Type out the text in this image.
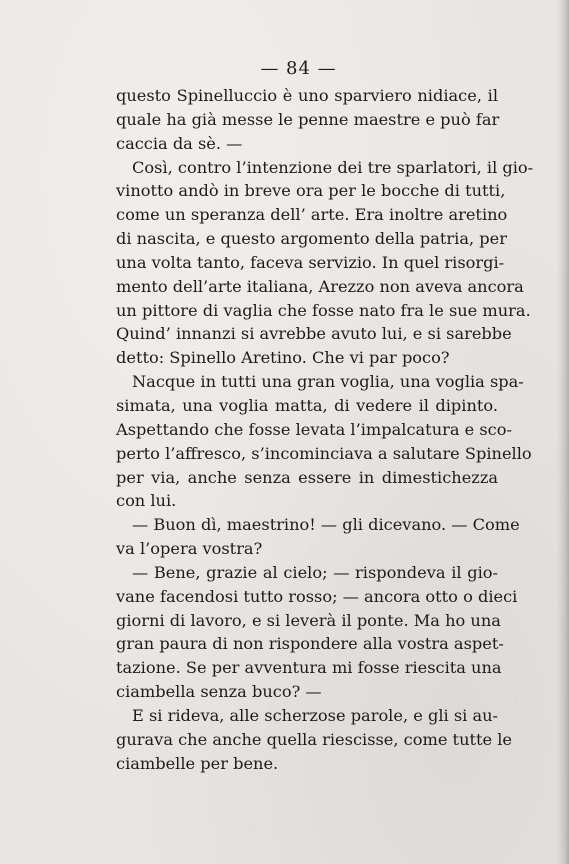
— 84 —
questo Spinelluccio è uno sparviero nidiace, il
quale ha già messe le penne maestre e può far
caccia da sè. —
Così, contro l’intenzione dei tre sparlatori, il gio-
vinotto andò in breve ora per le bocche di tutti,
come un speranza dell’ arte. Era inoltre aretino
di nascita, e questo argomento della patria, per
una volta tanto, faceva servizio. In quel risorgi-
mento dell’arte italiana, Arezzo non aveva ancora
un pittore di vaglia che fosse nato fra le sue mura.
Quind’ innanzi si avrebbe avuto lui, e si sarebbe
detto: Spinello Aretino. Che vi par poco?
Nacque in tutti una gran voglia, una voglia spa-
simata, una voglia matta, di vedere il dipinto.
Aspettando che fosse levata l’impalcatura e sco-
perto l’affresco, s’incominciava a salutare Spinello
per via, anche senza essere in dimestichezza
con lui.
— Buon dì, maestrino! — gli dicevano. — Come
va l’opera vostra?
— Bene, grazie al cielo; — rispondeva il gio-
vane facendosi tutto rosso; — ancora otto o dieci
giorni di lavoro, e si leverà il ponte. Ma ho una
gran paura di non rispondere alla vostra aspet-
tazione. Se per avventura mi fosse riescita una
ciambella senza buco? —
E si rideva, alle scherzose parole, e gli si au-
gurava che anche quella riescisse, come tutte le
ciambelle per bene.
